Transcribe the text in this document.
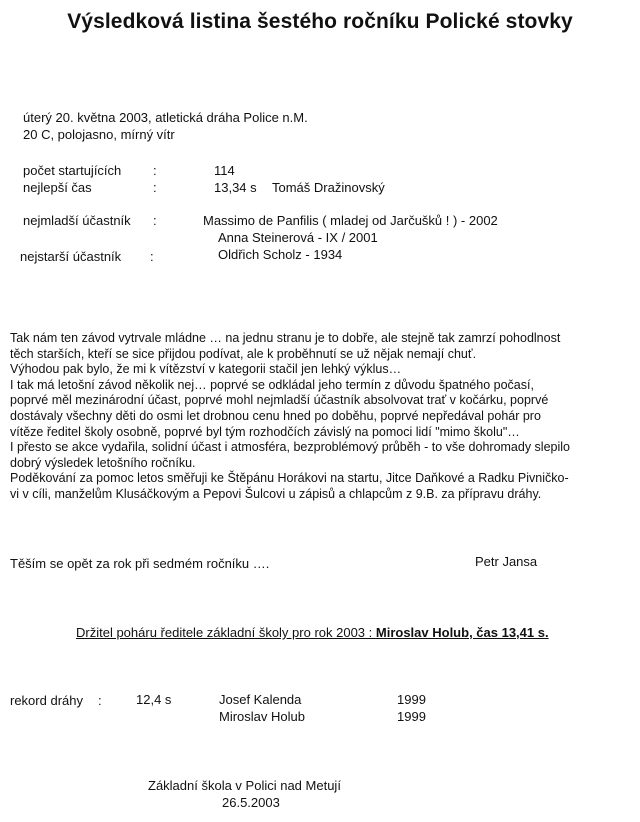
Výsledková listina šestého ročníku Polické stovky
úterý 20. května 2003, atletická dráha Police n.M.
20 C, polojasno, mírný vítr
počet startujících :	114
nejlepší čas	:	13,34 s Tomáš Dražinovský
nejmladší účastník :	Massimo de Panfilis ( mladej od Jarčušků ! ) - 2002
Anna Steinerová - IX / 2001
nejstarší účastník :	Oldřich Scholz - 1934
Tak nám ten závod vytrvale mládne … na jednu stranu je to dobře, ale stejně tak zamrzí pohodlnost
těch starších, kteří se sice přijdou podívat, ale k proběhnutí se už nějak nemají chuť.
Výhodou pak bylo, že mi k vítězství v kategorii stačil jen lehký výklus…
I tak má letošní závod několik nej… poprvé se odkládal jeho termín z důvodu špatného počasí,
poprvé měl mezinárodní účast, poprvé mohl nejmladší účastník absolvovat trať v kočárku, poprvé
dostávaly všechny děti do osmi let drobnou cenu hned po doběhu, poprvé nepředával pohár pro
vítěze ředitel školy osobně, poprvé byl tým rozhodčích závislý na pomoci lidí "mimo školu"…
I přesto se akce vydařila, solidní účast i atmosféra, bezproblémový průběh - to vše dohromady slepilo
dobrý výsledek letošního ročníku.
Poděkování za pomoc letos směřuji ke Štěpánu Horákovi na startu, Jitce Daňkové a Radku Pivničko-
vi v cíli, manželům Klusáčkovým a Pepovi Šulcovi u zápisů a chlapcům z 9.B. za přípravu dráhy.
Těším se opět za rok při sedmém ročníku ….	Petr Jansa
Držitel poháru ředitele základní školy pro rok 2003 : Miroslav Holub, čas 13,41 s.
rekord dráhy :	12,4 s	Josef Kalenda	1999
Miroslav Holub	1999
Základní škola v Polici nad Metují
26.5.2003
